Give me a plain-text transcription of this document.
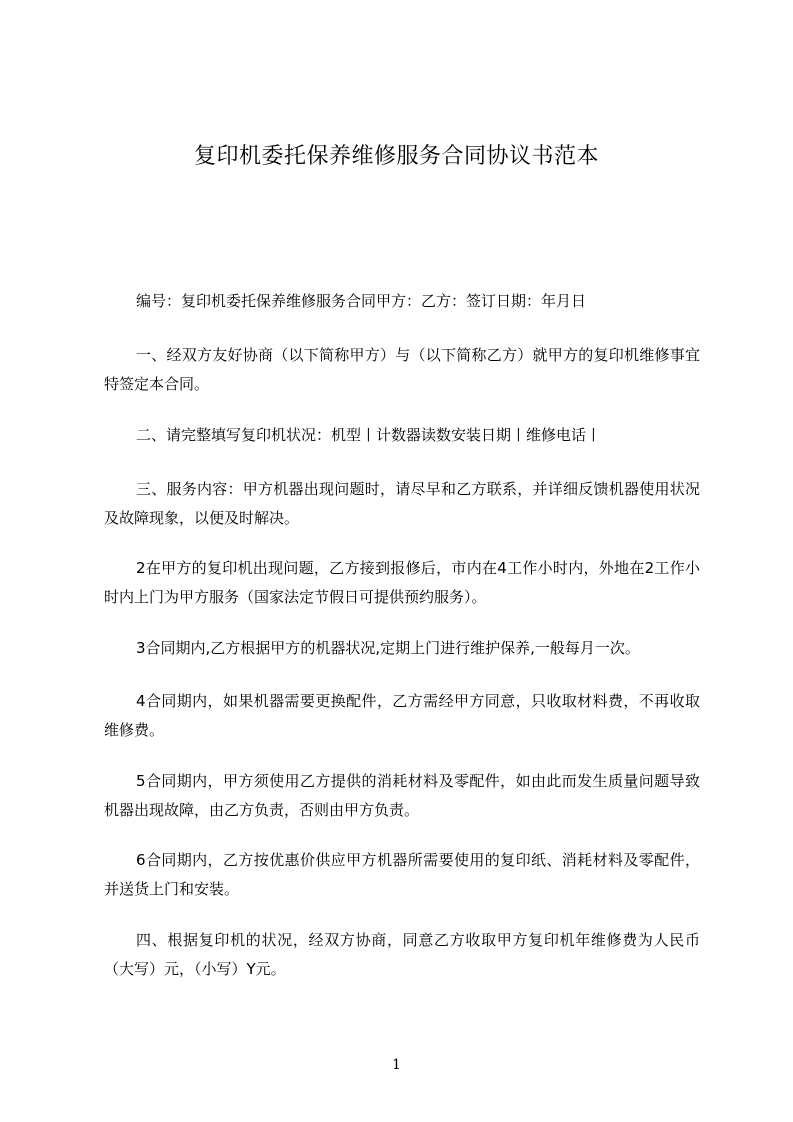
复印机委托保养维修服务合同协议书范本

编号：复印机委托保养维修服务合同甲方：乙方：签订日期：年月日

一、经双方友好协商（以下简称甲方）与（以下简称乙方）就甲方的复印机维修事宜特签定本合同。

二、请完整填写复印机状况：机型丨计数器读数安装日期丨维修电话丨

三、服务内容：甲方机器出现问题时，请尽早和乙方联系，并详细反馈机器使用状况及故障现象，以便及时解决。

2在甲方的复印机出现问题，乙方接到报修后，市内在4工作小时内，外地在2工作小时内上门为甲方服务（国家法定节假日可提供预约服务）。

3合同期内,乙方根据甲方的机器状况,定期上门进行维护保养,一般每月一次。

4合同期内，如果机器需要更换配件，乙方需经甲方同意，只收取材料费，不再收取维修费。

5合同期内，甲方须使用乙方提供的消耗材料及零配件，如由此而发生质量问题导致机器出现故障，由乙方负责，否则由甲方负责。

6合同期内，乙方按优惠价供应甲方机器所需要使用的复印纸、消耗材料及零配件，并送货上门和安装。

四、根据复印机的状况，经双方协商，同意乙方收取甲方复印机年维修费为人民币（大写）元，（小写）Y元。

1
